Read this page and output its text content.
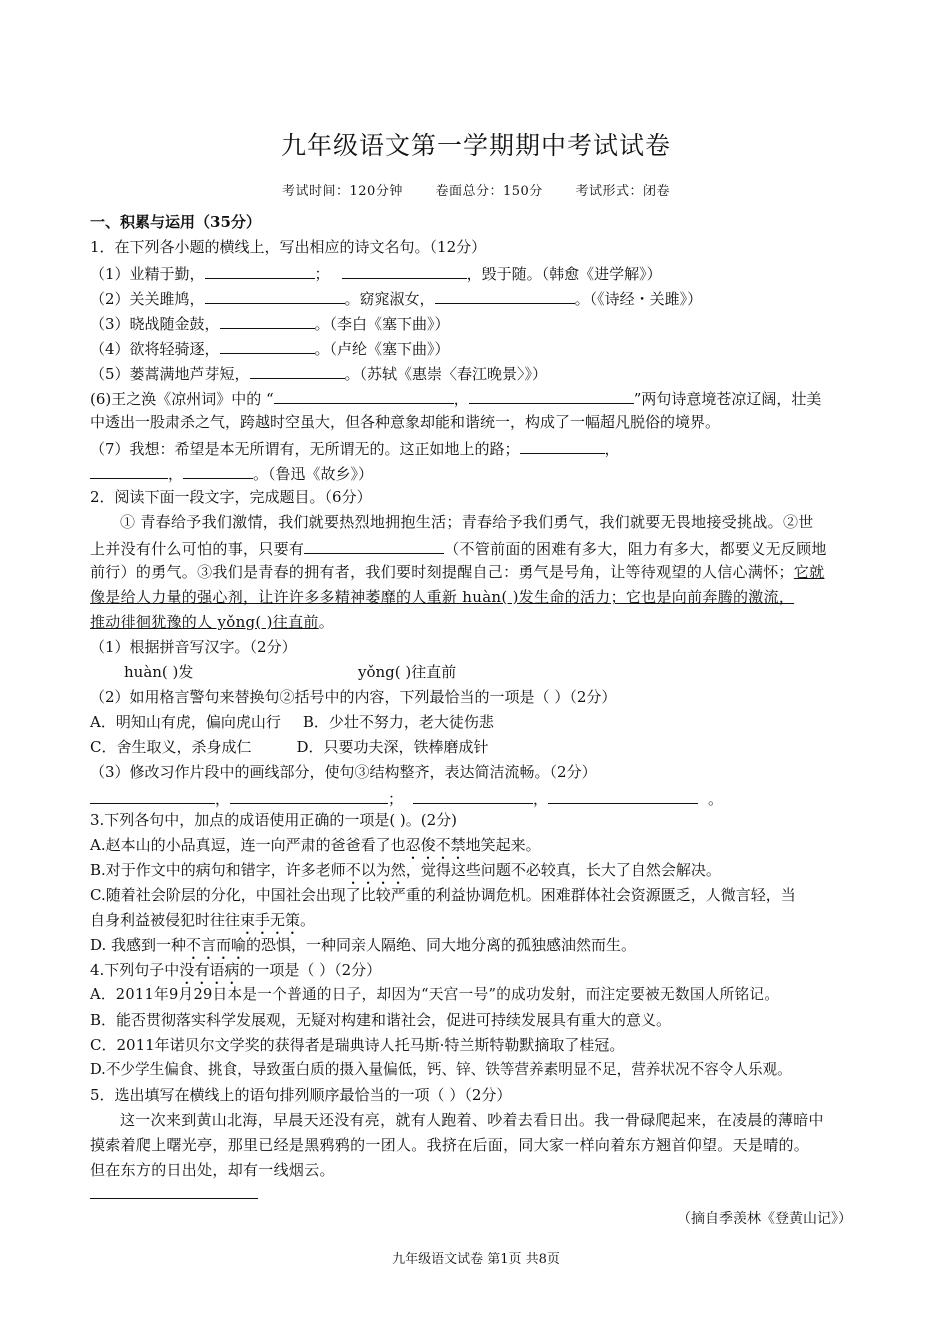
九年级语文第一学期期中考试试卷
考试时间：120分钟	卷面总分：150分	考试形式：闭卷
一、积累与运用（35分）
1．在下列各小题的横线上，写出相应的诗文名句。（12分）
（1）业精于勤，	；	，毁于随。（韩愈《进学解》）
（2）关关雎鸠，	。窈窕淑女，	。（《诗经・关雎》）
（3）晓战随金鼓，	。（李白《塞下曲》）
（4）欲将轻骑逐，	。（卢纶《塞下曲》）
（5）蒌蒿满地芦芽短，	。（苏轼《惠崇〈春江晚景〉》）
(6)王之涣《凉州词》中的 “	，	”两句诗意境苍凉辽阔，壮美
中透出一股肃杀之气，跨越时空虽大，但各种意象却能和谐统一，构成了一幅超凡脱俗的境界。
（7）我想：希望是本无所谓有，无所谓无的。这正如地上的路；	，
，	。（鲁迅《故乡》）
2．阅读下面一段文字，完成题目。（6分）
① 青春给予我们激情，我们就要热烈地拥抱生活；青春给予我们勇气，我们就要无畏地接受挑战。②世
上并没有什么可怕的事，只要有	（不管前面的困难有多大，阻力有多大，都要义无反顾地
前行）的勇气。③我们是青春的拥有者，我们要时刻提醒自己：勇气是号角，让等待观望的人信心满怀；它就
像是给人力量的强心剂，让许许多多精神萎靡的人重新 huàn( )发生命的活力；它也是向前奔腾的激流，
推动徘徊犹豫的人 yǒng( )往直前。
（1）根据拼音写汉字。（2分）
huàn( )发	yǒng( )往直前
（2）如用格言警句来替换句②括号中的内容，下列最恰当的一项是（ ）（2分）
A．明知山有虎，偏向虎山行 B．少壮不努力，老大徒伤悲
C．舍生取义，杀身成仁	D．只要功夫深，铁棒磨成针
（3）修改习作片段中的画线部分，使句③结构整齐，表达简洁流畅。（2分）
，	；	，	。
3.下列各句中，加点的成语使用正确的一项是( )。(2分)
A.赵本山的小品真逗，连一向严肃的爸爸看了也忍俊不禁地笑起来。
B.对于作文中的病句和错字，许多老师不以为然，觉得这些问题不必较真，长大了自然会解决。
C.随着社会阶层的分化，中国社会出现了比较严重的利益协调危机。困难群体社会资源匮乏，人微言轻，当
自身利益被侵犯时往往束手无策。
D. 我感到一种不言而喻的恐惧，一种同亲人隔绝、同大地分离的孤独感油然而生。
4.下列句子中没有语病的一项是（ ）（2分）
A．2011年9月29日本是一个普通的日子，却因为“天宫一号”的成功发射，而注定要被无数国人所铭记。
B．能否贯彻落实科学发展观，无疑对构建和谐社会，促进可持续发展具有重大的意义。
C．2011年诺贝尔文学奖的获得者是瑞典诗人托马斯·特兰斯特勒默摘取了桂冠。
D.不少学生偏食、挑食，导致蛋白质的摄入量偏低，钙、锌、铁等营养素明显不足，营养状况不容令人乐观。
5．选出填写在横线上的语句排列顺序最恰当的一项（ ）（2分）
这一次来到黄山北海，早晨天还没有亮，就有人跑着、吵着去看日出。我一骨碌爬起来，在凌晨的薄暗中
摸索着爬上曙光亭，那里已经是黑鸦鸦的一团人。我挤在后面，同大家一样向着东方翘首仰望。天是晴的。
但在东方的日出处，却有一线烟云。
（摘自季羡林《登黄山记》）
九年级语文试卷 第1页 共8页
